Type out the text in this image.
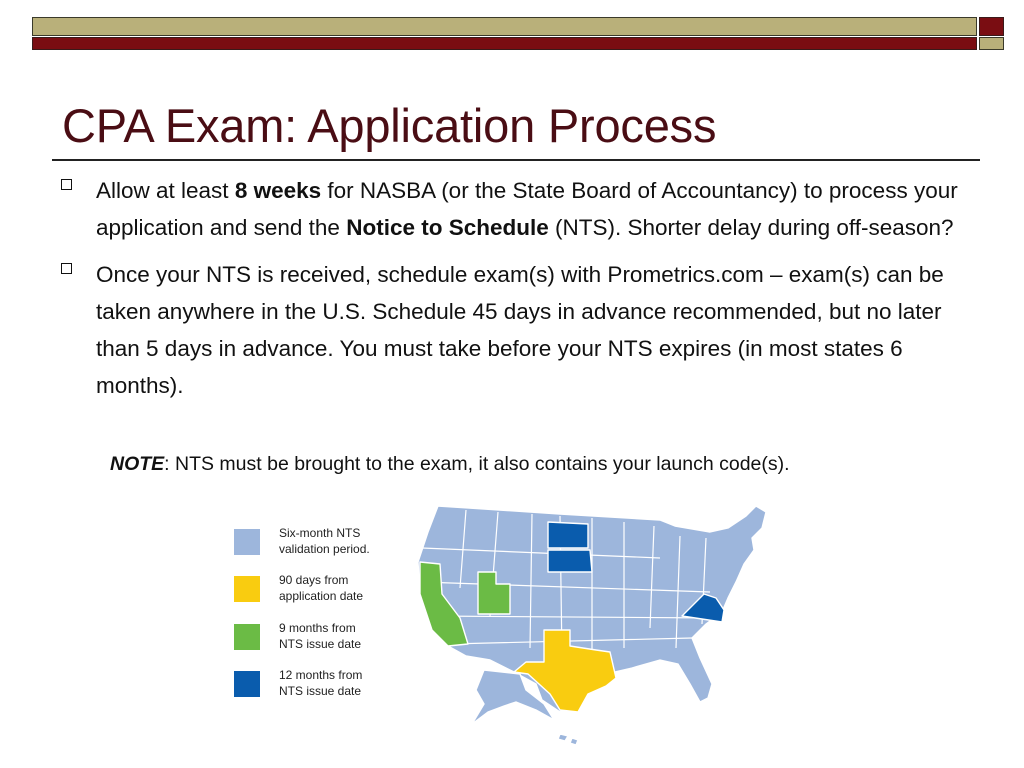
CPA Exam: Application Process
Allow at least 8 weeks for NASBA (or the State Board of Accountancy) to process your application and send the Notice to Schedule (NTS). Shorter delay during off-season?
Once your NTS is received, schedule exam(s) with Prometrics.com – exam(s) can be taken anywhere in the U.S. Schedule 45 days in advance recommended, but no later than 5 days in advance. You must take before your NTS expires (in most states 6 months).
NOTE: NTS must be brought to the exam, it also contains your launch code(s).
Six-month NTS
validation period.
90 days from
application date
9 months from
NTS issue date
12 months from
NTS issue date
